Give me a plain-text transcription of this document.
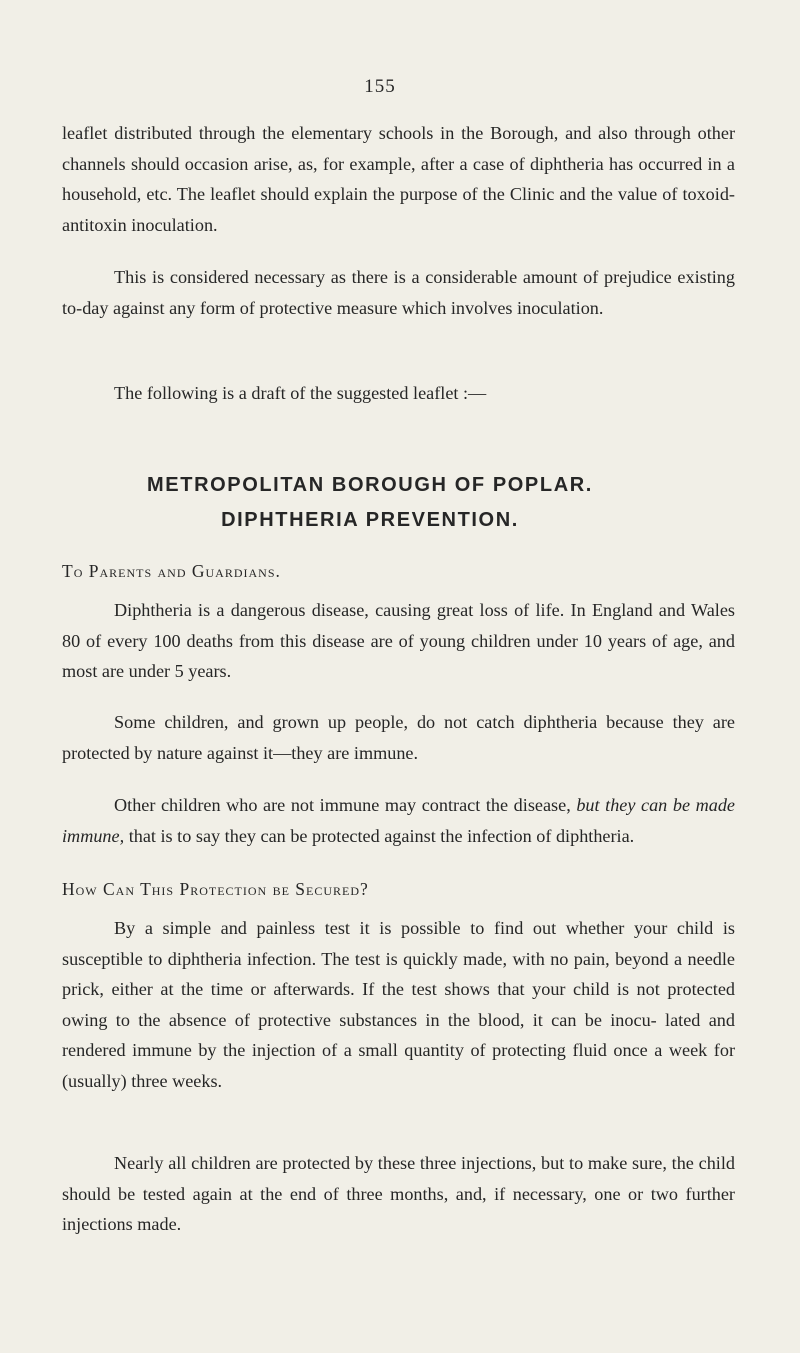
155

leaflet distributed through the elementary schools in the Borough, and also through other channels should occasion arise, as, for example, after a case of diphtheria has occurred in a household, etc. The leaflet should explain the purpose of the Clinic and the value of toxoid-antitoxin inoculation.

This is considered necessary as there is a considerable amount of prejudice existing to-day against any form of protective measure which involves inoculation.

The following is a draft of the suggested leaflet :—

METROPOLITAN BOROUGH OF POPLAR.
DIPHTHERIA PREVENTION.

To Parents and Guardians.

Diphtheria is a dangerous disease, causing great loss of life. In England and Wales 80 of every 100 deaths from this disease are of young children under 10 years of age, and most are under 5 years.

Some children, and grown up people, do not catch diphtheria because they are protected by nature against it—they are immune.

Other children who are not immune may contract the disease, but they can be made immune, that is to say they can be protected against the infection of diphtheria.

How Can This Protection be Secured?

By a simple and painless test it is possible to find out whether your child is susceptible to diphtheria infection. The test is quickly made, with no pain, beyond a needle prick, either at the time or afterwards. If the test shows that your child is not protected owing to the absence of protective substances in the blood, it can be inocu- lated and rendered immune by the injection of a small quantity of protecting fluid once a week for (usually) three weeks.

Nearly all children are protected by these three injections, but to make sure, the child should be tested again at the end of three months, and, if necessary, one or two further injections made.
